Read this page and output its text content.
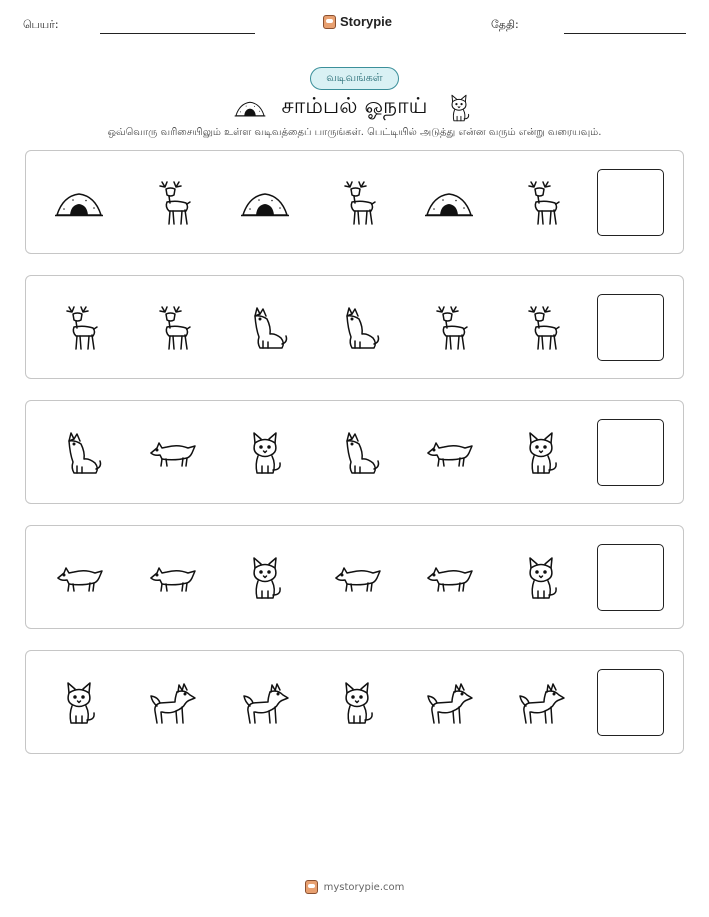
பெயர்:	Storypie	தேதி:
வடிவங்கள்
சாம்பல் ஓநாய்
ஒவ்வொரு வரிசையிலும் உள்ள வடிவத்தைப் பாருங்கள். பெட்டியில் அடுத்து என்ன வரும் என்று வரையவும்.
mystorypie.com
